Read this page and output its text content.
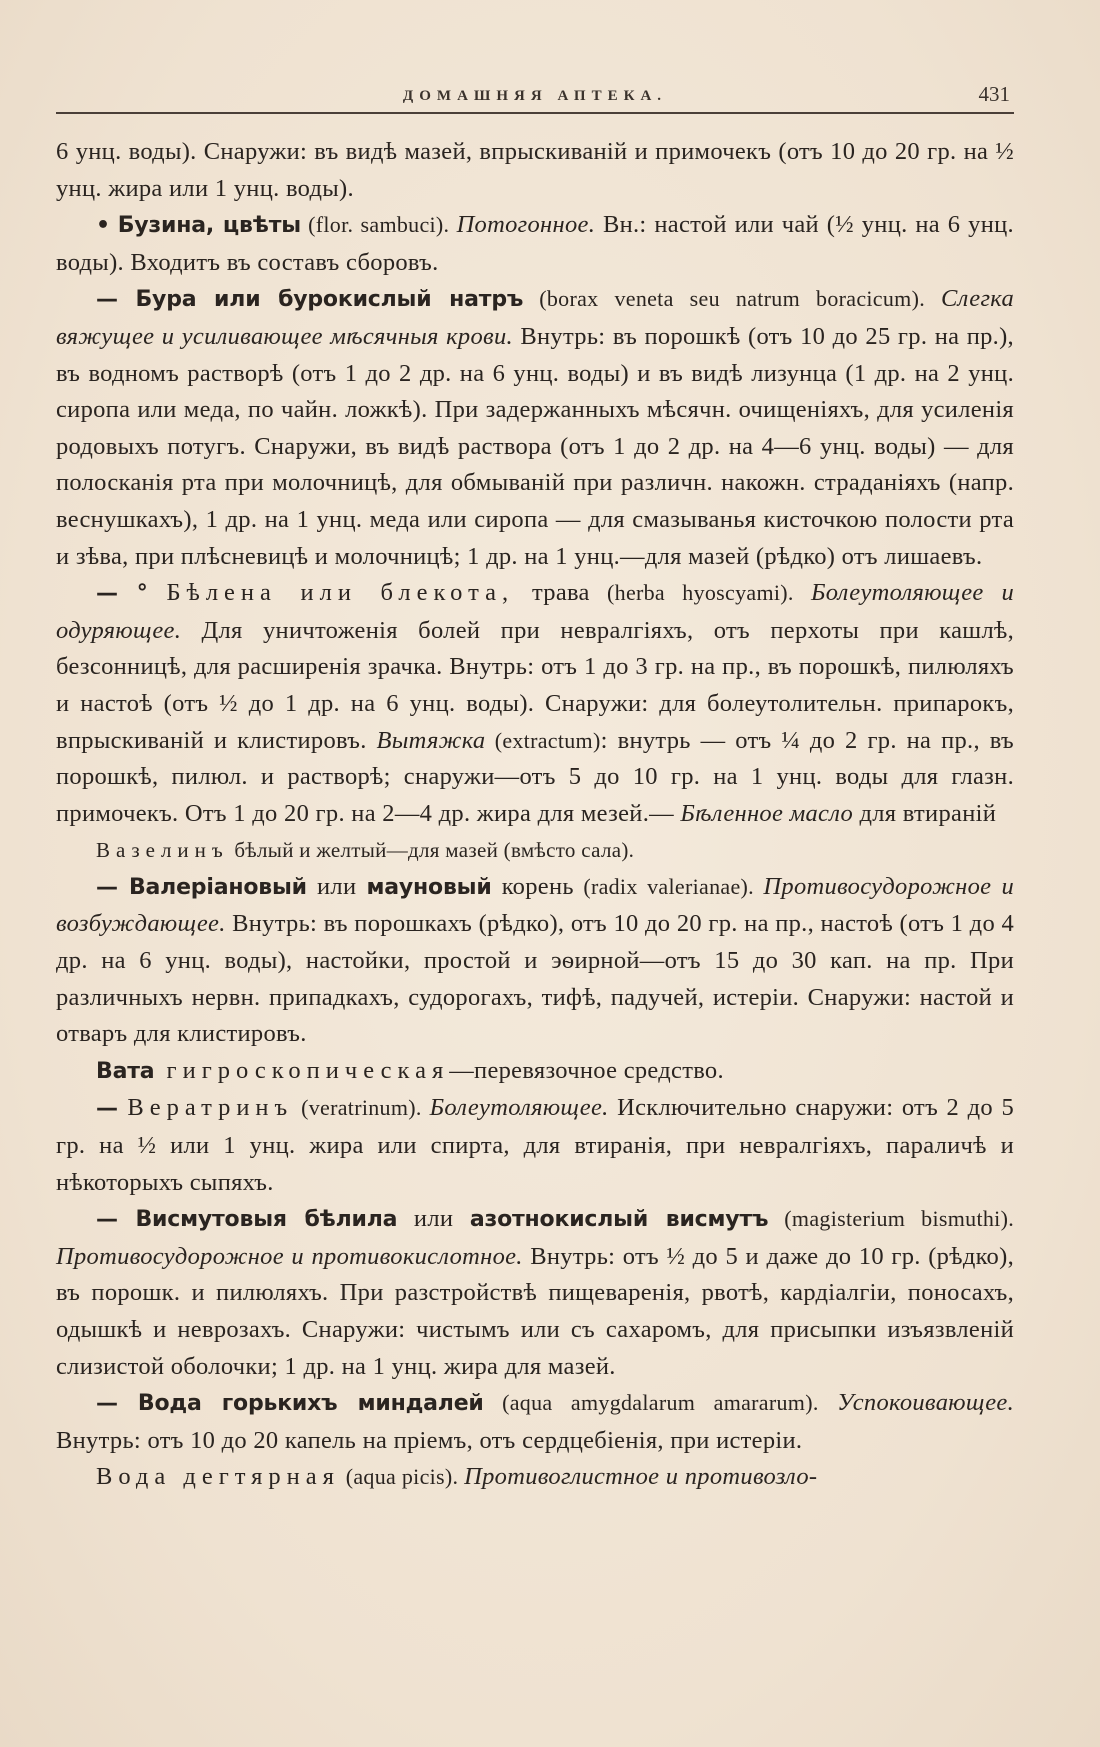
ДОМАШНЯЯ АПТЕКА.	431

6 унц. воды). Снаружи: въ видѣ мазей, впрыскиваній и примочекъ (отъ 10 до 20 гр. на ½ унц. жира или 1 унц. воды).

• Бузина, цвѣты (flor. sambuci). Потогонное. Вн.: настой или чай (½ унц. на 6 унц. воды). Входитъ въ составъ сборовъ.

— Бура или бурокислый натръ (borax veneta seu natrum boracicum). Слегка вяжущее и усиливающее мѣсячныя крови. Внутрь: въ порошкѣ (отъ 10 до 25 гр. на пр.), въ водномъ растворѣ (отъ 1 до 2 др. на 6 унц. воды) и въ видѣ лизунца (1 др. на 2 унц. сиропа или меда, по чайн. ложкѣ). При задержанныхъ мѣсячн. очищеніяхъ, для усиленія родовыхъ потугъ. Снаружи, въ видѣ раствора (отъ 1 до 2 др. на 4—6 унц. воды) — для полосканія рта при молочницѣ, для обмываній при различн. накожн. страданіяхъ (напр. веснушкахъ), 1 др. на 1 унц. меда или сиропа — для смазыванья кисточкою полости рта и зѣва, при плѣсневицѣ и молочницѣ; 1 др. на 1 унц.—для мазей (рѣдко) отъ лишаевъ.

— ° Бѣлена или блекота, трава (herba hyoscyami). Болеутоляющее и одуряющее. Для уничтоженія болей при невралгіяхъ, отъ перхоты при кашлѣ, безсонницѣ, для расширенія зрачка. Внутрь: отъ 1 до 3 гр. на пр., въ порошкѣ, пилюляхъ и настоѣ (отъ ½ до 1 др. на 6 унц. воды). Снаружи: для болеутолительн. припарокъ, впрыскиваній и клистировъ. Вытяжка (extractum): внутрь — отъ ¼ до 2 гр. на пр., въ порошкѣ, пилюл. и растворѣ; снаружи—отъ 5 до 10 гр. на 1 унц. воды для глазн. примочекъ. Отъ 1 до 20 гр. на 2—4 др. жира для мезей.— Бѣленное масло для втираній

Вазелинъ бѣлый и желтый—для мазей (вмѣсто сала).

— Валеріановый или мауновый корень (radix valerianae). Противосудорожное и возбуждающее. Внутрь: въ порошкахъ (рѣдко), отъ 10 до 20 гр. на пр., настоѣ (отъ 1 до 4 др. на 6 унц. воды), настойки, простой и эѳирной—отъ 15 до 30 кап. на пр. При различныхъ нервн. припадкахъ, судорогахъ, тифѣ, падучей, истеріи. Снаружи: настой и отваръ для клистировъ.

Вата гигроскопическая—перевязочное средство.

— Вератринъ (veratrinum). Болеутоляющее. Исключительно снаружи: отъ 2 до 5 гр. на ½ или 1 унц. жира или спирта, для втиранія, при невралгіяхъ, параличѣ и нѣкоторыхъ сыпяхъ.

— Висмутовыя бѣлила или азотнокислый висмутъ (magisterium bismuthi). Противосудорожное и противокислотное. Внутрь: отъ ½ до 5 и даже до 10 гр. (рѣдко), въ порошк. и пилюляхъ. При разстройствѣ пищеваренія, рвотѣ, кардіалгіи, поносахъ, одышкѣ и неврозахъ. Снаружи: чистымъ или съ сахаромъ, для присыпки изъязвленій слизистой оболочки; 1 др. на 1 унц. жира для мазей.

— Вода горькихъ миндалей (aqua amygdalarum amararum). Успокоивающее. Внутрь: отъ 10 до 20 капель на пріемъ, отъ сердцебіенія, при истеріи.

Вода дегтярная (aqua picis). Противоглистное и противозло-
